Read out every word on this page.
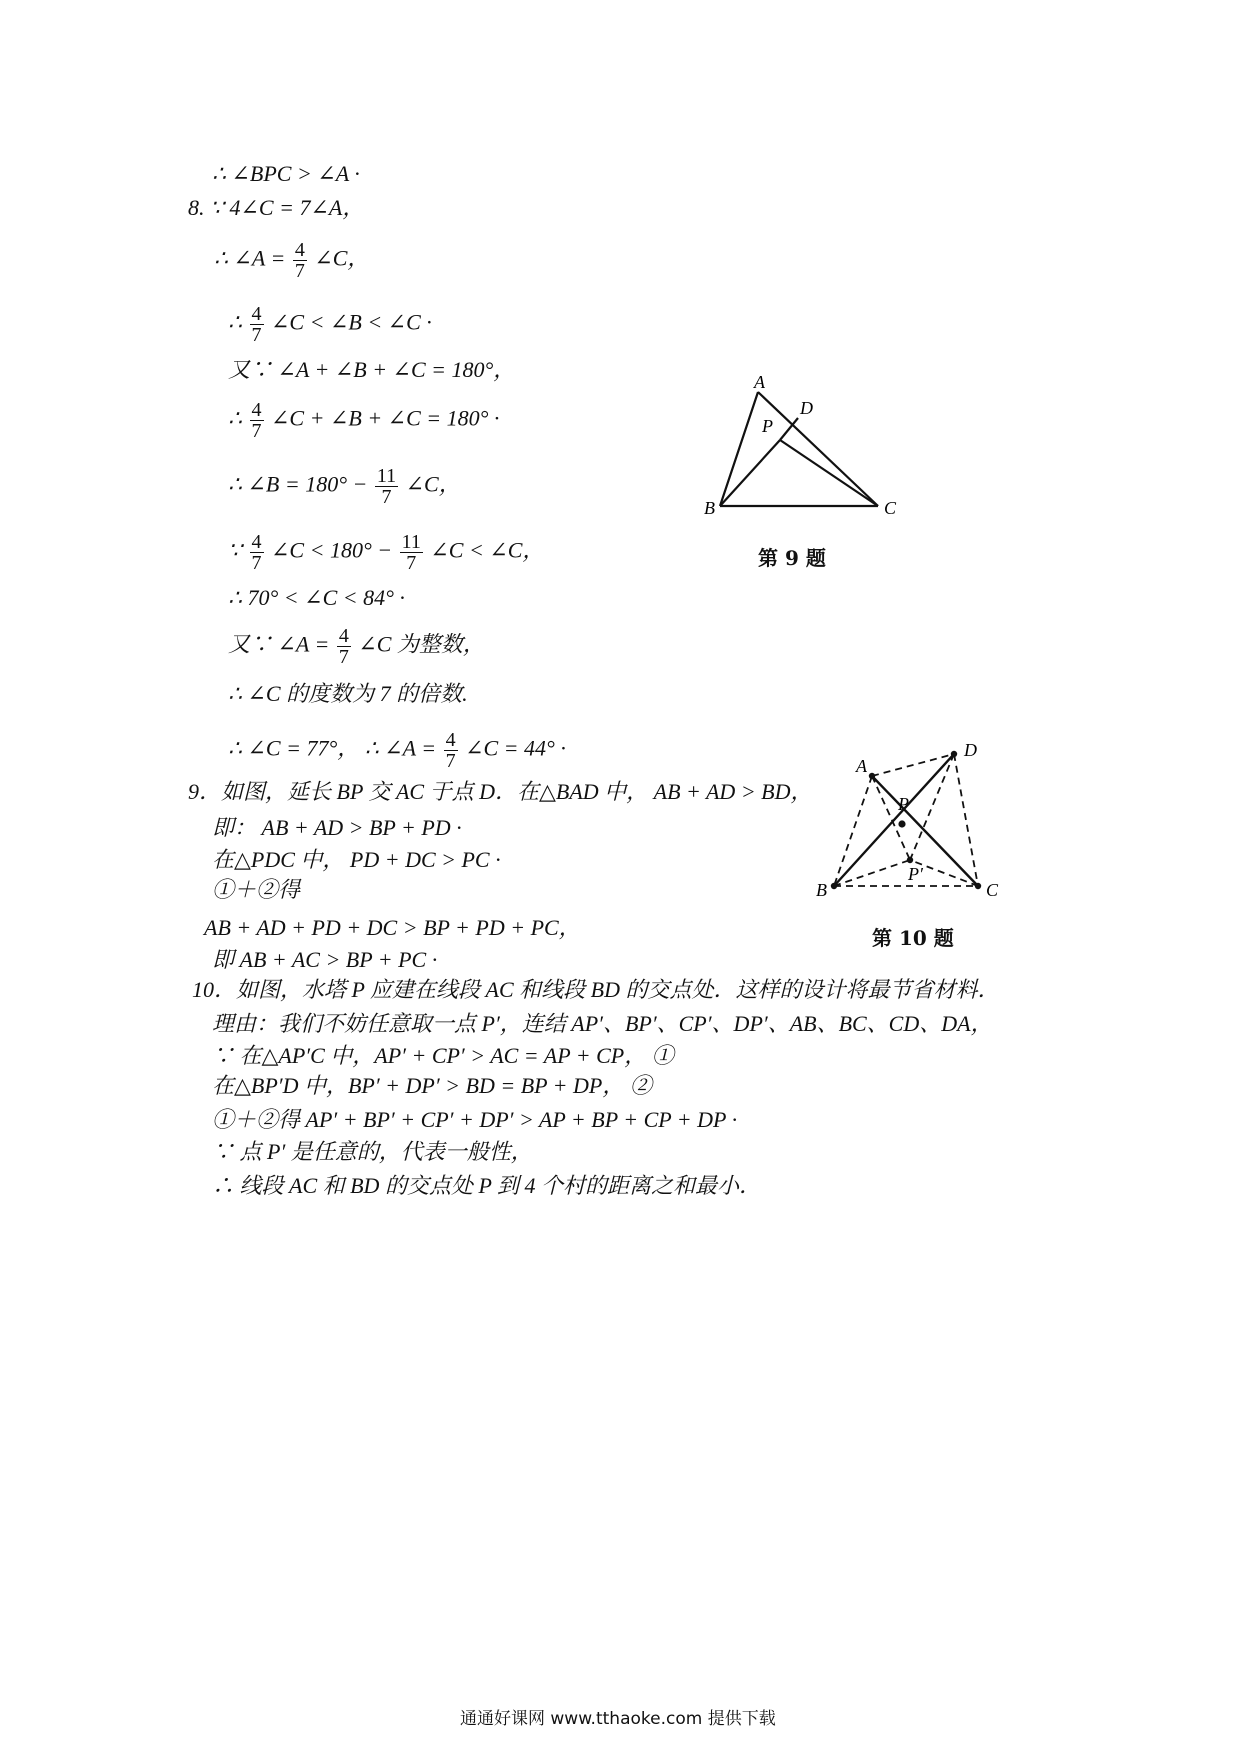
∴ ∠BPC > ∠A ·
8. ∵ 4∠C = 7∠A，
∴ ∠A = $\frac{4}{7}$ ∠C，
∴ $\frac{4}{7}$ ∠C < ∠B < ∠C ·
又∵ ∠A + ∠B + ∠C = 180°，
∴ $\frac{4}{7}$ ∠C + ∠B + ∠C = 180° ·
∴ ∠B = $180^\circ - \frac{11}{7}$ ∠C，
∵ $\frac{4}{7}$ ∠C < $180^\circ - \frac{11}{7}$ ∠C < ∠C，
∴ 70° < ∠C < 84° ·
又∵ ∠A = $\frac{4}{7}$ ∠C 为整数，
∴ ∠C 的度数为 7 的倍数.
∴ ∠C = 77°， ∴ ∠A = $\frac{4}{7}$ ∠C = 44° ·
9．如图，延长 BP 交 AC 于点 D．在△BAD 中， AB + AD > BD，
即： AB + AD > BP + PD ·
在△PDC 中， PD + DC > PC ·
①＋②得
AB + AD + PD + DC > BP + PD + PC，
即 AB + AC > BP + PC ·
10．如图，水塔 P 应建在线段 AC 和线段 BD 的交点处．这样的设计将最节省材料．
理由：我们不妨任意取一点 P′，连结 AP′、BP′、CP′、DP′、AB、BC、CD、DA，
∵ 在△AP′C 中，AP′ + CP′ > AC = AP + CP， ①
在△BP′D 中，BP′ + DP′ > BD = BP + DP， ②
①＋②得 AP′ + BP′ + CP′ + DP′ > AP + BP + CP + DP ·
∵ 点 P′ 是任意的，代表一般性，
∴ 线段 AC 和 BD 的交点处 P 到 4 个村的距离之和最小．
A
B	C
D
P
第 9 题
A
D
B	C
P
P′
第 10 题
通通好课网 www.tthaoke.com 提供下载
